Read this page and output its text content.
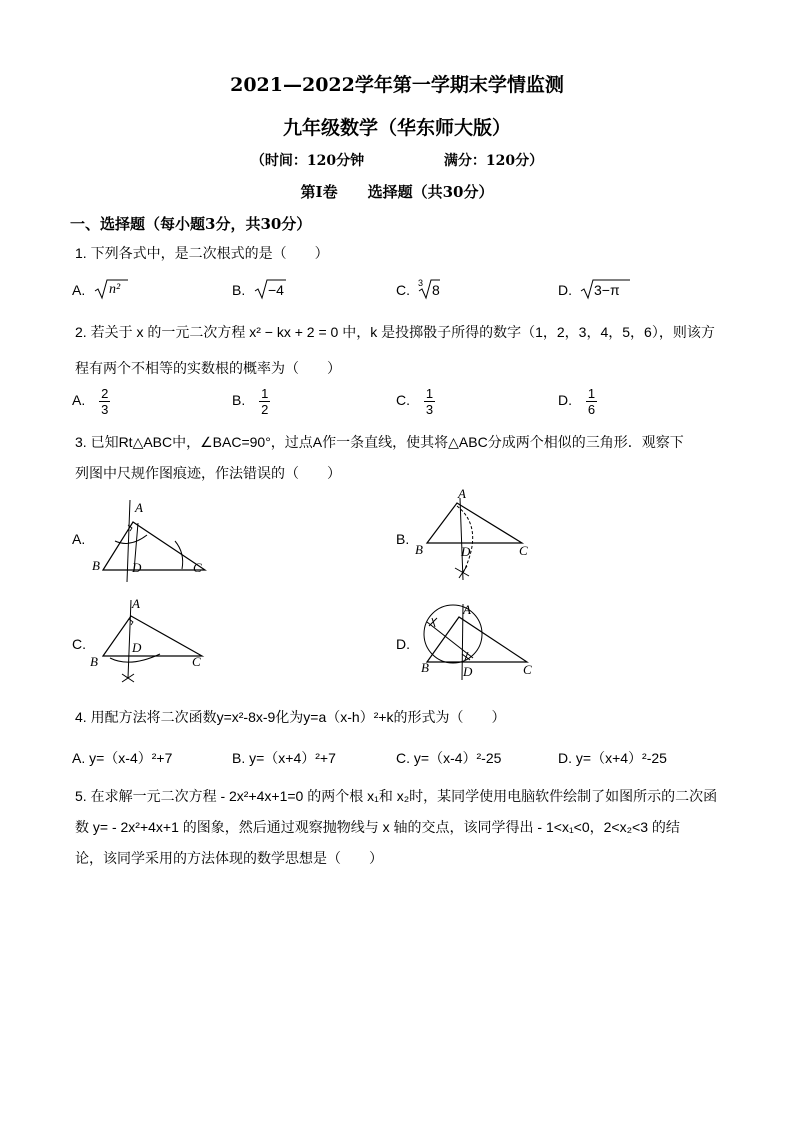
2021—2022学年第一学期末学情监测
九年级数学（华东师大版）
（时间：120分钟	满分：120分）
第Ⅰ卷　　选择题（共30分）
一、选择题（每小题3分，共30分）
1. 下列各式中，是二次根式的是（　　）
A. n²	B. −4	C. 3 8	D. 3−π
2. 若关于 x 的一元二次方程 x² − kx + 2 = 0 中，k 是投掷骰子所得的数字（1，2，3，4，5，6），则该方
程有两个不相等的实数根的概率为（　　）
A. $\frac{2}{3}$	B. $\frac{1}{2}$	C. $\frac{1}{3}$	D. $\frac{1}{6}$
3. 已知Rt△ABC中，∠BAC=90°，过点A作一条直线，使其将△ABC分成两个相似的三角形．观察下
列图中尺规作图痕迹，作法错误的（　　）
A.
A
B D	C
B.
A
B	D	C
C.
A
B
D
C
D.
A
B	D	C
4. 用配方法将二次函数y=x²-8x-9化为y=a（x-h）²+k的形式为（　　）
A. y=（x-4）²+7	B. y=（x+4）²+7	C. y=（x-4）²-25	D. y=（x+4）²-25
5. 在求解一元二次方程 - 2x²+4x+1=0 的两个根 x₁和 x₂时，某同学使用电脑软件绘制了如图所示的二次函
数 y= - 2x²+4x+1 的图象，然后通过观察抛物线与 x 轴的交点，该同学得出 - 1<x₁<0，2<x₂<3 的结
论，该同学采用的方法体现的数学思想是（　　）
